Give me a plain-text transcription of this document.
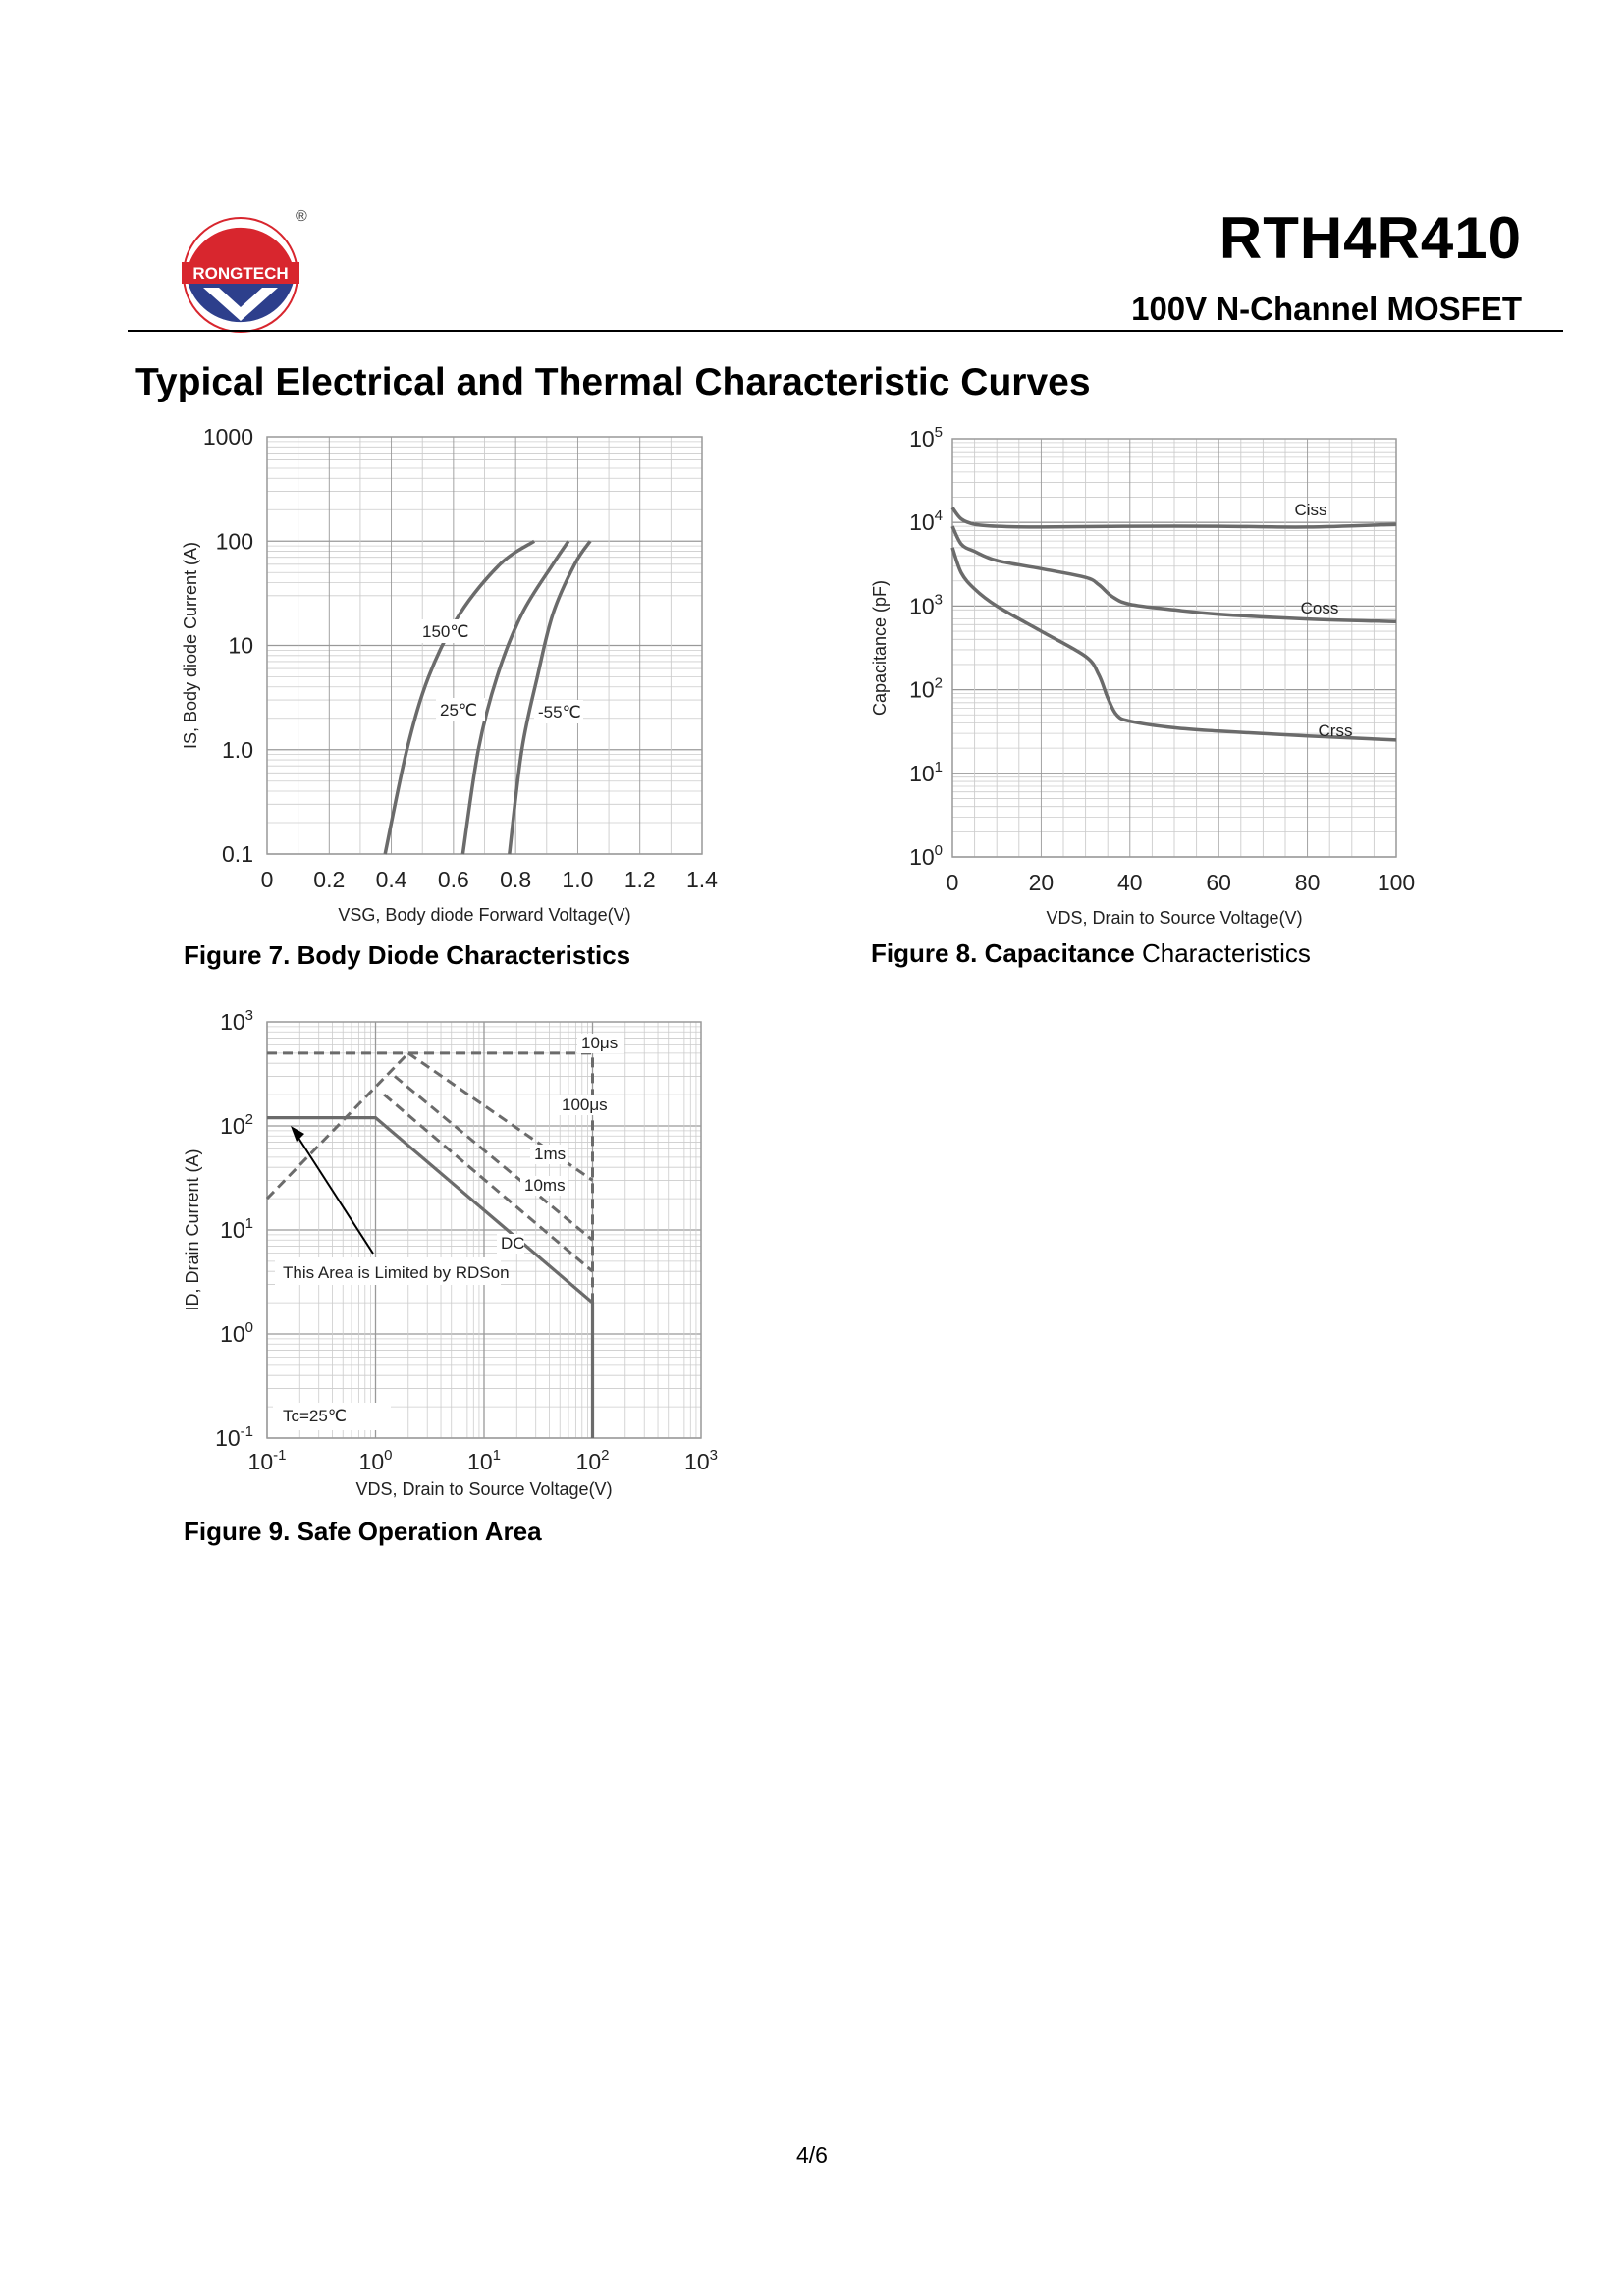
RONGTECH
®	RTH4R410
100V N-Channel MOSFET
Typical Electrical and Thermal Characteristic Curves
0 0.2 0.4 0.6 0.8 1.0 1.2 1.4
0.1
1.0
10
100
1000
VSG, Body diode Forward Voltage(V)
IS, Body diode Current (A)	150℃
25℃	-55℃
0	20	40	60	80	100
$10^0$
$10^1$
$10^2$
$10^3$
$10^4$
$10^5$
VDS, Drain to Source Voltage(V)
Capacitance (pF)
Ciss
Coss
Crss
$10^{-1}$	$10^0$	$10^1$	$10^2$	$10^3$
$10^{-1}$
$10^0$
$10^1$
$10^2$
$10^3$
VDS, Drain to Source Voltage(V)
ID, Drain Current (A)
10μs
100μs
1ms
10ms
DC
This Area is Limited by RDSon
Tc=25℃
Figure 7. Body Diode Characteristics	Figure 8. Capacitance Characteristics
Figure 9. Safe Operation Area
4/6
